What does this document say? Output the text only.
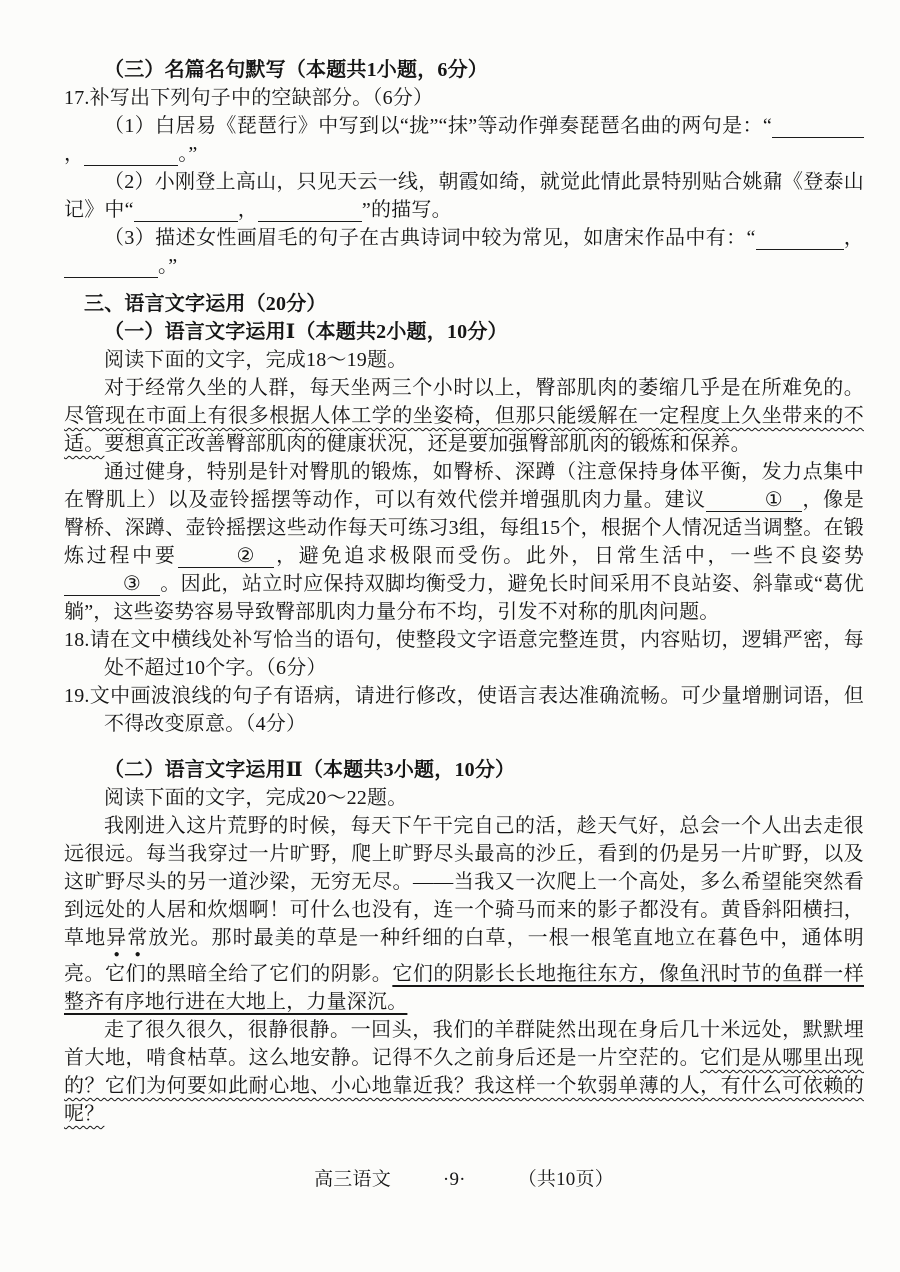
（三）名篇名句默写（本题共1小题，6分）

17.补写出下列句子中的空缺部分。（6分）

（1）白居易《琵琶行》中写到以“拢”“抹”等动作弹奏琵琶名曲的两句是：“ ，	。”

（2）小刚登上高山，只见天云一线，朝霞如绮，就觉此情此景特别贴合姚鼐《登泰山记》中“	，	”的描写。

（3）描述女性画眉毛的句子在古典诗词中较为常见，如唐宋作品中有：“	， 。”

三、语言文字运用（20分）

（一）语言文字运用Ⅰ（本题共2小题，10分）

阅读下面的文字，完成18～19题。

对于经常久坐的人群，每天坐两三个小时以上，臀部肌肉的萎缩几乎是在所难免的。尽管现在市面上有很多根据人体工学的坐姿椅，但那只能缓解在一定程度上久坐带来的不适。要想真正改善臀部肌肉的健康状况，还是要加强臀部肌肉的锻炼和保养。

通过健身，特别是针对臀肌的锻炼，如臀桥、深蹲（注意保持身体平衡，发力点集中在臀肌上）以及壶铃摇摆等动作，可以有效代偿并增强肌肉力量。建议	① ，像是臀桥、深蹲、壶铃摇摆这些动作每天可练习3组，每组15个，根据个人情况适当调整。在锻炼过程中要	② ，避免追求极限而受伤。此外，日常生活中，一些不良姿势③ 。因此，站立时应保持双脚均衡受力，避免长时间采用不良站姿、斜靠或“葛优躺”，这些姿势容易导致臀部肌肉力量分布不均，引发不对称的肌肉问题。

18.请在文中横线处补写恰当的语句，使整段文字语意完整连贯，内容贴切，逻辑严密，每处不超过10个字。（6分）

19.文中画波浪线的句子有语病，请进行修改，使语言表达准确流畅。可少量增删词语，但不得改变原意。（4分）

（二）语言文字运用Ⅱ（本题共3小题，10分）

阅读下面的文字，完成20～22题。

我刚进入这片荒野的时候，每天下午干完自己的活，趁天气好，总会一个人出去走很远很远。每当我穿过一片旷野，爬上旷野尽头最高的沙丘，看到的仍是另一片旷野，以及这旷野尽头的另一道沙梁，无穷无尽。——当我又一次爬上一个高处，多么希望能突然看到远处的人居和炊烟啊！可什么也没有，连一个骑马而来的影子都没有。黄昏斜阳横扫，草地异常放光。那时最美的草是一种纤细的白草，一根一根笔直地立在暮色中，通体明亮。它们的黑暗全给了它们的阴影。它们的阴影长长地拖往东方，像鱼汛时节的鱼群一样整齐有序地行进在大地上，力量深沉。

走了很久很久，很静很静。一回头，我们的羊群陡然出现在身后几十米远处，默默埋首大地，啃食枯草。这么地安静。记得不久之前身后还是一片空茫的。它们是从哪里出现的？它们为何要如此耐心地、小心地靠近我？我这样一个软弱单薄的人，有什么可依赖的呢？

高三语文	·9·	（共10页）
